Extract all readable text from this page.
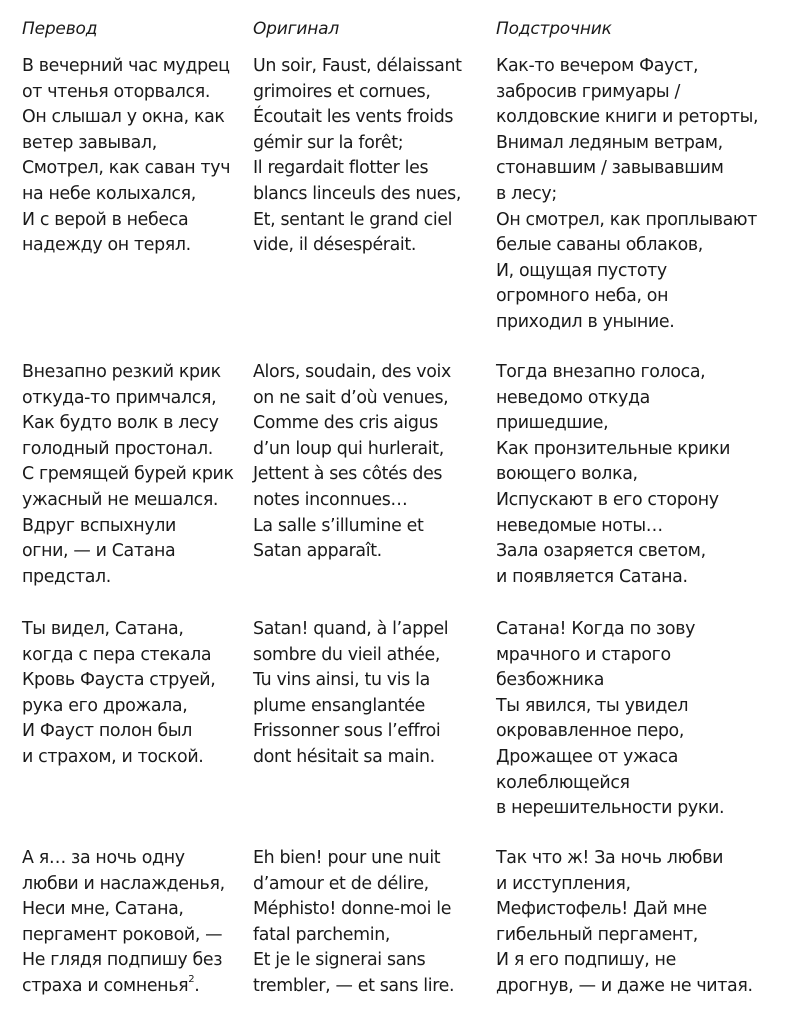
Перевод
В вечерний час мудрец
от чтенья оторвался.
Он слышал у окна, как
ветер завывал,
Смотрел, как саван туч
на небе колыхался,
И с верой в небеса
надежду он терял.
Внезапно резкий крик
откуда-то примчался,
Как будто волк в лесу
голодный простонал.
С гремящей бурей крик
ужасный не мешался.
Вдруг вспыхнули
огни, — и Сатана
предстал.
Ты видел, Сатана,
когда с пера стекала
Кровь Фауста струей,
рука его дрожала,
И Фауст полон был
и страхом, и тоской.
А я… за ночь одну
любви и наслажденья,
Неси мне, Сатана,
пергамент роковой, —
Не глядя подпишу без
страха и сомненья$^2$.
Оригинал
Un soir, Faust, délaissant
grimoires et cornues,
Écoutait les vents froids
gémir sur la forêt;
Il regardait flotter les
blancs linceuls des nues,
Et, sentant le grand ciel
vide, il désespérait.
Alors, soudain, des voix
on ne sait d’où venues,
Comme des cris aigus
d’un loup qui hurlerait,
Jettent à ses côtés des
notes inconnues…
La salle s’illumine et
Satan apparaît.
Satan! quand, à l’appel
sombre du vieil athée,
Tu vins ainsi, tu vis la
plume ensanglantée
Frissonner sous l’effroi
dont hésitait sa main.
Eh bien! pour une nuit
d’amour et de délire,
Méphisto! donne-moi le
fatal parchemin,
Et je le signerai sans
trembler, — et sans lire.
Подстрочник
Как-то вечером Фауст,
забросив гримуары /
колдовские книги и реторты,
Внимал ледяным ветрам,
стонавшим / завывавшим
в лесу;
Он смотрел, как проплывают
белые саваны облаков,
И, ощущая пустоту
огромного неба, он
приходил в уныние.
Тогда внезапно голоса,
неведомо откуда
пришедшие,
Как пронзительные крики
воющего волка,
Испускают в его сторону
неведомые ноты…
Зала озаряется светом,
и появляется Сатана.
Сатана! Когда по зову
мрачного и старого
безбожника
Ты явился, ты увидел
окровавленное перо,
Дрожащее от ужаса
колеблющейся
в нерешительности руки.
Так что ж! За ночь любви
и исступления,
Мефистофель! Дай мне
гибельный пергамент,
И я его подпишу, не
дрогнув, — и даже не читая.
